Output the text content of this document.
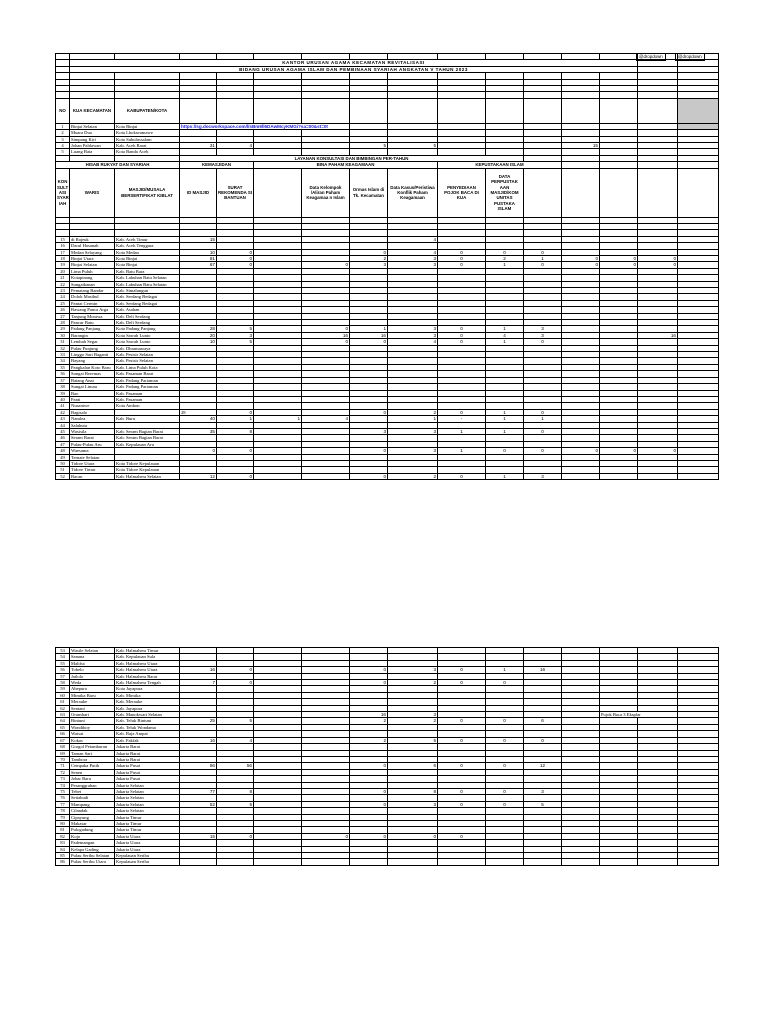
@dropdown	@dropdown

	KANTOR URUSAN AGAMA KECAMATAN REVITALISASI															
	BIDANG URUSAN AGAMA ISLAM DAN PEMBINAAN SYARIAH ANGKATAN V TAHUN 2023															

NO	KUA KECAMATAN	KABUPATEN/KOTA														
1	Binjai Selatan	Kota Binjai	https://sg.docworkspace.com/l/sBm9ll6DAwMcyKMGi?sa=00&st=0t													
2	Muara Dua	Kota Lhokseumawe														
3	Simpang Kiri	Kota Subulussalam														
4	Johan Pahlawan	Kab. Aceh Barat	31	4			5	5				15				
5	Luang Bata	Kota Banda Aceh														
			LAYANAN KONSULTASI DAN BIMBINGAN PER-TAHUN													
HISAB RUKYAT DAN SYARIAH			KEMASJIDAN		BINA PAHAM KEAGAMAAN				KEPUSTAKAAN ISLAM							
KON SULT ASI SYAR IAH	WARIS	MASJID/MUSALA BERSERTIFIKAT KIBLAT	ID MASJID	SURAT REKOMENDA SI BANTUAN		Data Kelompok /Aliran Paham Keagamaa n Islam	Ormas Islam di Tk. Kecamatan	Data Kasus/Peristiwa Konflik Paham Keagamaan	PENYEDIAAN POJOK BACA DI KUA	DATA PERPUSTAK AAN MASJID/KOM UNITAS PUSTAKA ISLAM						

15	di Rajeuk	Kab. Aceh Timur	15					4								
16	Darul Hasanah	Kab. Aceh Tenggara														
17	Medan Selayang	Kota Medan	10	0			0	4	0	0	0					
18	Binjai Utara	Kota Binjai	81	0			2	3	0	2	1	0	0	0		
19	Binjai Selatan	Kota Binjai	67	0		0	3	3	0	1	0	0	0	0		
20	Lima Puluh	Kab. Batu Bara														
21	Kotapinang	Kab. Labuhan Batu Selatan														
22	Sungaikanan	Kab. Labuhan Batu Selatan														
23	Pematang Bandar	Kab. Simalungun														
24	Dolok Masihul	Kab. Serdang Bedagai														
25	Pantai Cermin	Kab. Serdang Bedagai														
26	Bawang Panca Arga	Kab. Asahan														
27	Tanjung Morawa	Kab. Deli Serdang														
28	Pancur Batu	Kab. Deli Serdang														
29	Padang Panjang	Kota Padang Panjang	28	5		0	1	3	0	1	3					
30	Barangin	Kota Sawah Lunto	20	3		16	16	3	0	4	3			16		
31	Lembah Segar	Kota Sawah Lunto	10	5		0	0	4	0	1	0					
32	Pulau Punjung	Kab. Dharmasraya														
33	Linggo Sari Baganti	Kab. Pesisir Selatan														
34	Bayang	Kab. Pesisir Selatan														
35	Pangkalan Koto Baru	Kab. Lima Puluh Kota														
36	Sungai Beremas	Kab. Pasaman Barat														
37	Batang Anai	Kab. Padang Pariaman														
38	Sungai Limau	Kab. Padang Pariaman														
39	Bao	Kab. Pasaman														
40	Panti	Kab. Pasaman														
41	Nusaniwe	Kota Ambon														
42	Bagisalo		28	0			0	2	0	1	0					
43	Namlea	Kab. Buru	40	1	1	4		1	-	1	1					
44	Salahutu															
45	Wasisila	Kab. Seram Bagian Barat	35	8			3	3	1	1	0					
46	Seram Barat	Kab. Seram Bagian Barat														
47	Pulau-Pulau Aru	Kab. Kepulauan Aru														
48	Waesama		0	0			0	3	1	0	0	0	0	0		
49	Ternate Selatan															
50	Tidore Utara	Kota Tidore Kepulauan														
51	Tidore Timur	Kota Tidore Kepulauan														
52	Bacan	Kab. Halmahera Selatan	12	0			0	2	0	1	3					
53	Wasile Selatan	Kab. Halmahera Timur														
54	Sanana	Kab. Kepulauan Sula														
55	Malifut	Kab. Halmahera Utara														
56	Tobelo	Kab. Halmahera Utara	16	0			0	3	0	1	16					
57	Jailolo	Kab. Halmahera Barat														
58	Weda	Kab. Halmahera Tengah	7	0			0	2	0	0						
59	Abepura	Kota Jayapura														
60	Mimika Baru	Kab. Mimika														
61	Merauke	Kab. Merauke														
62	Sentani	Kab. Jayapura														
63	Oransbari	Kab. Manokwari Selatan					16	3					Pojok Baca 3 Eksplar			
64	Bintuni	Kab. Teluk Bintuni	25	5			2	2	0	0	6					
65	Wondiboy	Kab. Teluk Wondama														
66	Waisai	Kab. Raja Ampat														
67	Kokas	Kab. Fakfak	16	4			2	5	0	0	0					
68	Grogol Petamburan	Jakarta Barat														
69	Taman Sari	Jakarta Barat														
70	Tambora	Jakarta Barat														
71	Cempaka Putih	Jakarta Pusat	56	56			0	6	0	0	12					
72	Senen	Jakarta Pusat														
73	Johar Baru	Jakarta Pusat														
74	Pesanggrahan	Jakarta Selatan														
75	Tebet	Jakarta Selatan	77	8			0	8	0	0	3					
76	Setiabudi	Jakarta Selatan														
77	Mampang	Jakarta Selatan	52	5			0	3	0	0	5					
78	Cilandak	Jakarta Selatan														
79	Cipayung	Jakarta Timur														
80	Makasar	Jakarta Timur														
81	Pulogadung	Jakarta Timur														
82	Koja	Jakarta Utara	15	0		0	0	0	0							
83	Pademangan	Jakarta Utara														
84	Kelapa Gading	Jakarta Utara														
85	Pulau Seribu Selatan	Kepulauan Seribu														
86	Pulau Seribu Utara	Kepulauan Seribu														
